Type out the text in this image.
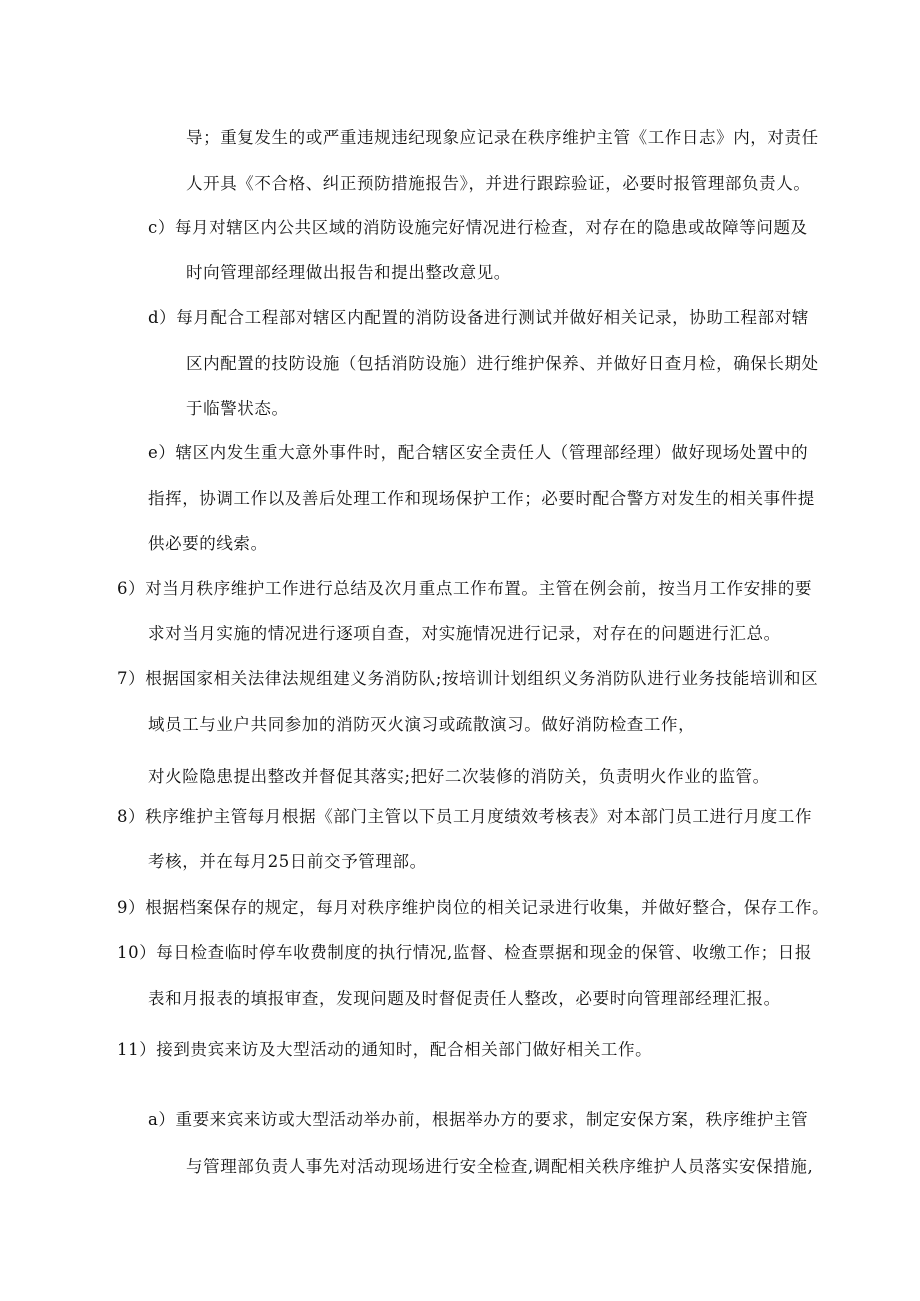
导；重复发生的或严重违规违纪现象应记录在秩序维护主管《工作日志》内，对责任

人开具《不合格、纠正预防措施报告》，并进行跟踪验证，必要时报管理部负责人。

c）每月对辖区内公共区域的消防设施完好情况进行检查，对存在的隐患或故障等问题及

时向管理部经理做出报告和提出整改意见。

d）每月配合工程部对辖区内配置的消防设备进行测试并做好相关记录，协助工程部对辖

区内配置的技防设施（包括消防设施）进行维护保养、并做好日查月检，确保长期处

于临警状态。

e）辖区内发生重大意外事件时，配合辖区安全责任人（管理部经理）做好现场处置中的

指挥，协调工作以及善后处理工作和现场保护工作；必要时配合警方对发生的相关事件提

供必要的线索。

6）对当月秩序维护工作进行总结及次月重点工作布置。主管在例会前，按当月工作安排的要

求对当月实施的情况进行逐项自查，对实施情况进行记录，对存在的问题进行汇总。

7）根据国家相关法律法规组建义务消防队;按培训计划组织义务消防队进行业务技能培训和区

域员工与业户共同参加的消防灭火演习或疏散演习。做好消防检查工作，

对火险隐患提出整改并督促其落实;把好二次装修的消防关，负责明火作业的监管。

8）秩序维护主管每月根据《部门主管以下员工月度绩效考核表》对本部门员工进行月度工作

考核，并在每月25日前交予管理部。

9）根据档案保存的规定，每月对秩序维护岗位的相关记录进行收集，并做好整合，保存工作。

10）每日检查临时停车收费制度的执行情况,监督、检查票据和现金的保管、收缴工作；日报

表和月报表的填报审查，发现问题及时督促责任人整改，必要时向管理部经理汇报。

11）接到贵宾来访及大型活动的通知时，配合相关部门做好相关工作。

a）重要来宾来访或大型活动举办前，根据举办方的要求，制定安保方案，秩序维护主管

与管理部负责人事先对活动现场进行安全检查,调配相关秩序维护人员落实安保措施,
